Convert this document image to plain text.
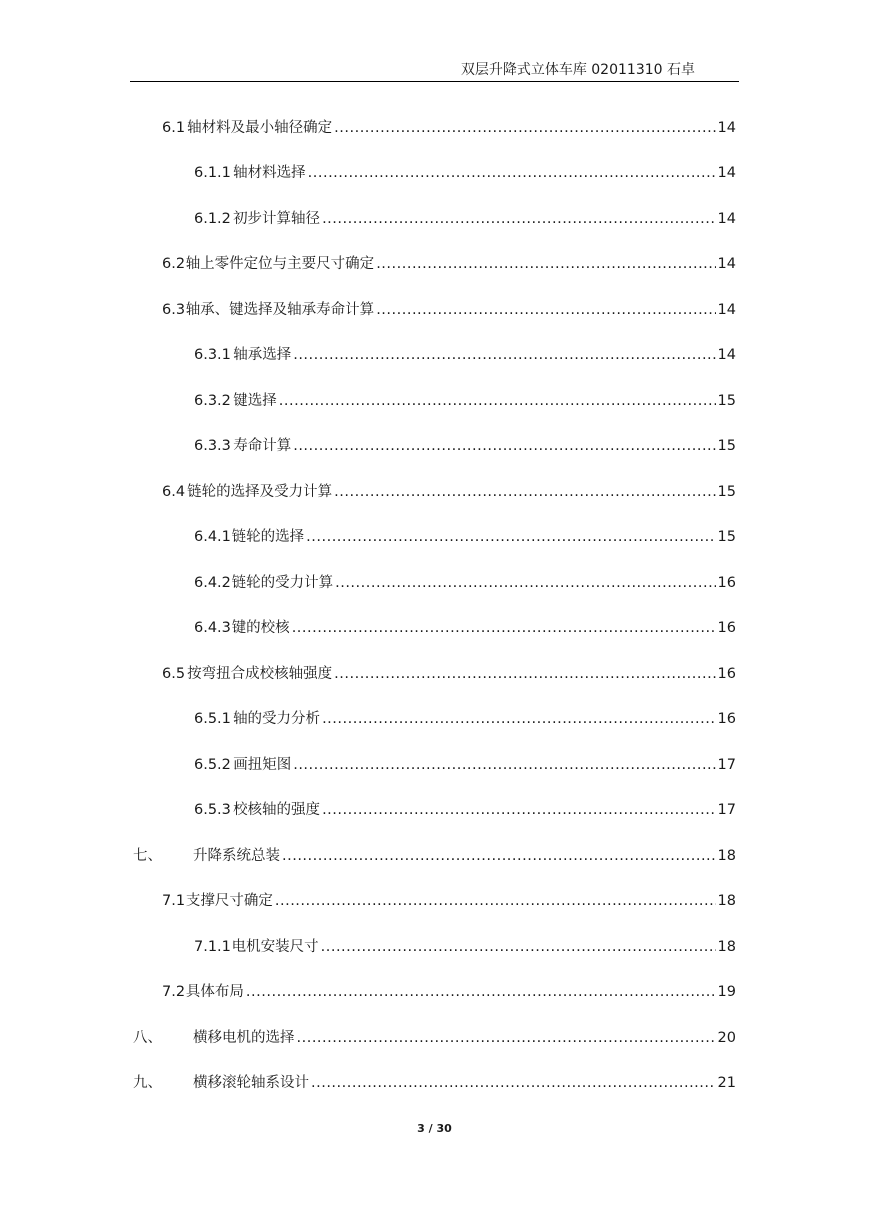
双层升降式立体车库 02011310 石卓
6.1 轴材料及最小轴径确定 .....	14
6.1.1 轴材料选择 .....	14
6.1.2 初步计算轴径 .....	14
6.2 轴上零件定位与主要尺寸确定 .....	14
6.3 轴承、键选择及轴承寿命计算 .....	14
6.3.1 轴承选择 .....	14
6.3.2 键选择 .....	15
6.3.3 寿命计算 .....	15
6.4 链轮的选择及受力计算 .....	15
6.4.1 链轮的选择 .....	15
6.4.2 链轮的受力计算 .....	16
6.4.3 键的校核 .....	16
6.5 按弯扭合成校核轴强度 .....	16
6.5.1 轴的受力分析 .....	16
6.5.2 画扭矩图 .....	17
6.5.3 校核轴的强度 .....	17
七、	升降系统总装 .....	18
7.1 支撑尺寸确定 .....	18
7.1.1 电机安装尺寸 .....	18
7.2 具体布局 .....	19
八、	横移电机的选择 .....	20
九、	横移滚轮轴系设计 .....	21
3 / 30
